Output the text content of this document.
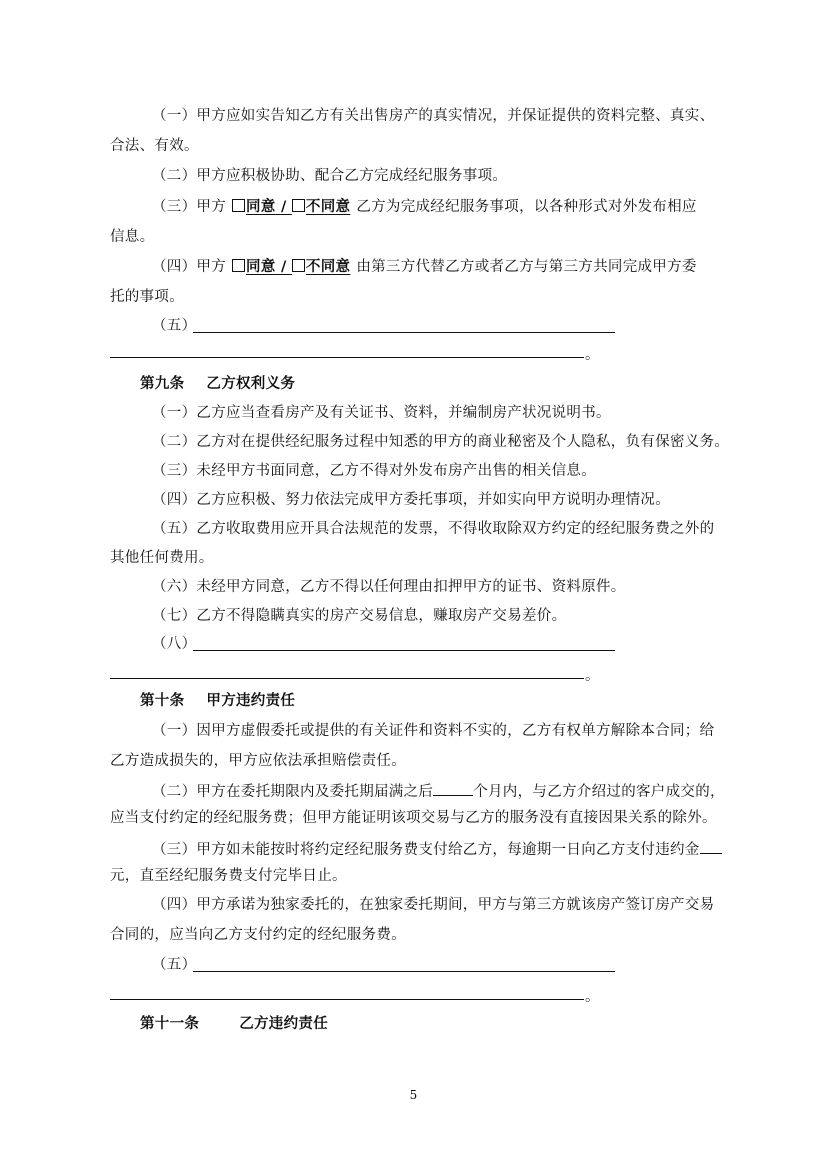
（一）甲方应如实告知乙方有关出售房产的真实情况，并保证提供的资料完整、真实、
合法、有效。
（二）甲方应积极协助、配合乙方完成经纪服务事项。
（三）甲方 同意 / 不同意 乙方为完成经纪服务事项，以各种形式对外发布相应
信息。
（四）甲方 同意 / 不同意 由第三方代替乙方或者乙方与第三方共同完成甲方委
托的事项。
（五）
。
第九条 乙方权利义务
（一）乙方应当查看房产及有关证书、资料，并编制房产状况说明书。
（二）乙方对在提供经纪服务过程中知悉的甲方的商业秘密及个人隐私，负有保密义务。
（三）未经甲方书面同意，乙方不得对外发布房产出售的相关信息。
（四）乙方应积极、努力依法完成甲方委托事项，并如实向甲方说明办理情况。
（五）乙方收取费用应开具合法规范的发票，不得收取除双方约定的经纪服务费之外的
其他任何费用。
（六）未经甲方同意，乙方不得以任何理由扣押甲方的证书、资料原件。
（七）乙方不得隐瞒真实的房产交易信息，赚取房产交易差价。
（八）
。
第十条 甲方违约责任
（一）因甲方虚假委托或提供的有关证件和资料不实的，乙方有权单方解除本合同；给
乙方造成损失的，甲方应依法承担赔偿责任。
（二）甲方在委托期限内及委托期届满之后	个月内，与乙方介绍过的客户成交的，
应当支付约定的经纪服务费；但甲方能证明该项交易与乙方的服务没有直接因果关系的除外。
（三）甲方如未能按时将约定经纪服务费支付给乙方，每逾期一日向乙方支付违约金
元，直至经纪服务费支付完毕日止。
（四）甲方承诺为独家委托的，在独家委托期间，甲方与第三方就该房产签订房产交易
合同的，应当向乙方支付约定的经纪服务费。
（五）
。
第十一条	乙方违约责任
5
